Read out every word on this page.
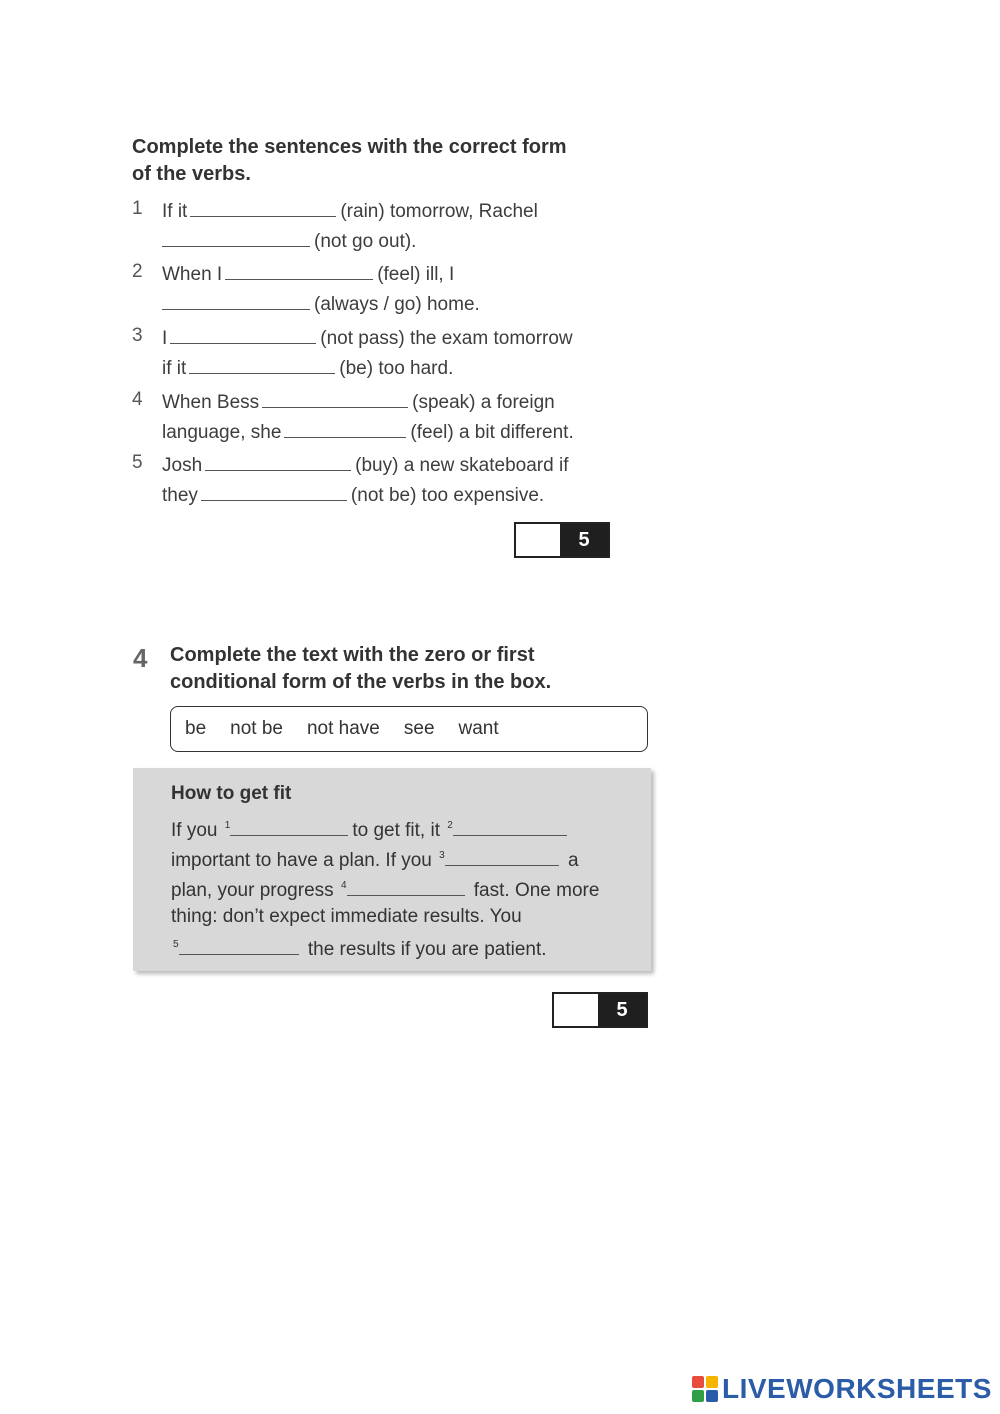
Complete the sentences with the correct form
of the verbs.
1 If it	(rain) tomorrow, Rachel
(not go out).
2 When I	(feel) ill, I
(always / go) home.
3 I	(not pass) the exam tomorrow
if it	(be) too hard.
4 When Bess	(speak) a foreign
language, she	(feel) a bit different.
5 Josh	(buy) a new skateboard if
they	(not be) too expensive.
5
4 Complete the text with the zero or first
conditional form of the verbs in the box.
be not be not have see want
How to get fit
If you $^1$	to get fit, it $^2$
important to have a plan. If you $^3$	a
plan, your progress $^4$	fast. One more
thing: don’t expect immediate results. You
$^5$	the results if you are patient.
5
LIVEWORKSHEETS
